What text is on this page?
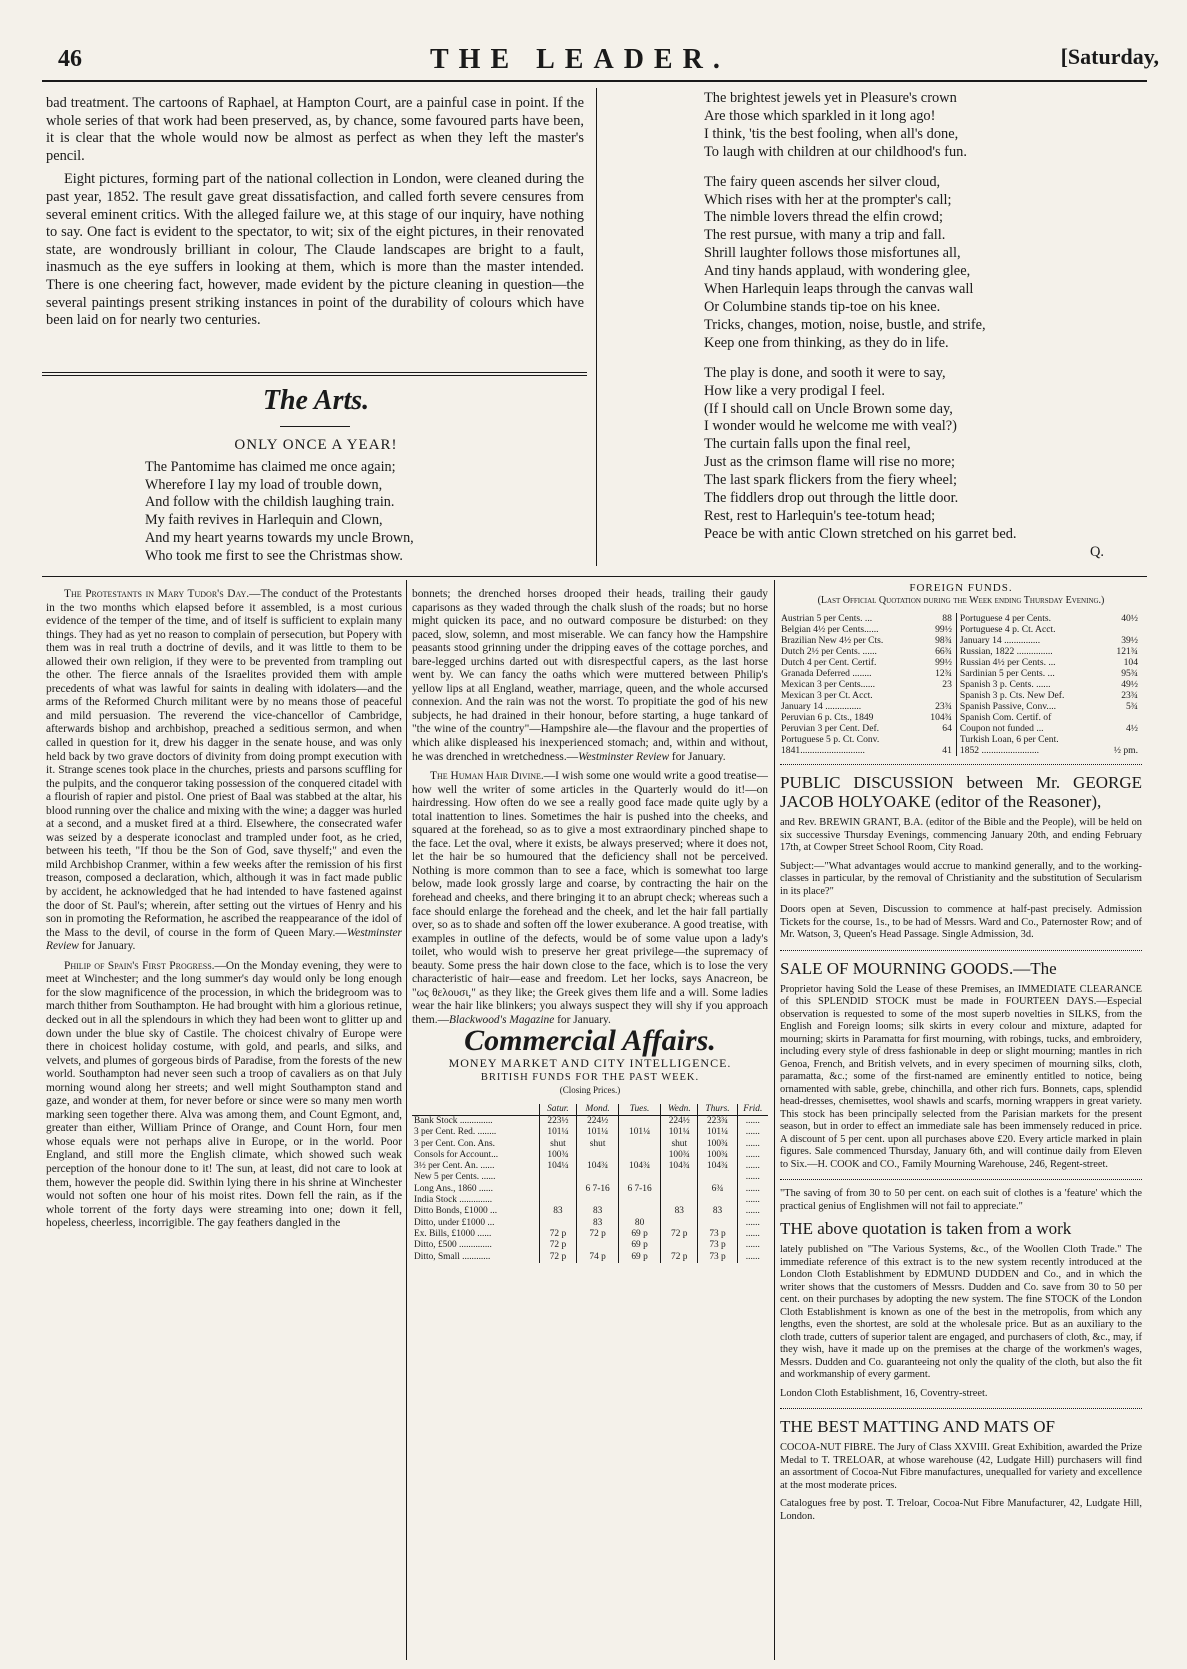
46	THE LEADER.	[Saturday,

bad treatment. The cartoons of Raphael, at Hampton Court, are a painful case in point. If the whole series of that work had been preserved, as, by chance, some favoured parts have been, it is clear that the whole would now be almost as perfect as when they left the master's pencil.

Eight pictures, forming part of the national collection in London, were cleaned during the past year, 1852. The result gave great dissatisfaction, and called forth severe censures from several eminent critics. With the alleged failure we, at this stage of our inquiry, have nothing to say. One fact is evident to the spectator, to wit; six of the eight pictures, in their renovated state, are wondrously brilliant in colour, The Claude landscapes are bright to a fault, inasmuch as the eye suffers in looking at them, which is more than the master intended. There is one cheering fact, however, made evident by the picture cleaning in question—the several paintings present striking instances in point of the durability of colours which have been laid on for nearly two centuries.

The Arts.
ONLY ONCE A YEAR!
The Pantomime has claimed me once again;
Wherefore I lay my load of trouble down,
And follow with the childish laughing train.
My faith revives in Harlequin and Clown,
And my heart yearns towards my uncle Brown,
Who took me first to see the Christmas show.
The brightest jewels yet in Pleasure's crown
Are those which sparkled in it long ago!
I think, 'tis the best fooling, when all's done,
To laugh with children at our childhood's fun.
The fairy queen ascends her silver cloud,
Which rises with her at the prompter's call;
The nimble lovers thread the elfin crowd;
The rest pursue, with many a trip and fall.
Shrill laughter follows those misfortunes all,
And tiny hands applaud, with wondering glee,
When Harlequin leaps through the canvas wall
Or Columbine stands tip-toe on his knee.
Tricks, changes, motion, noise, bustle, and strife,
Keep one from thinking, as they do in life.
The play is done, and sooth it were to say,
How like a very prodigal I feel.
(If I should call on Uncle Brown some day,
I wonder would he welcome me with veal?)
The curtain falls upon the final reel,
Just as the crimson flame will rise no more;
The last spark flickers from the fiery wheel;
The fiddlers drop out through the little door.
Rest, rest to Harlequin's tee-totum head;
Peace be with antic Clown stretched on his garret bed.
Q.

The Protestants in Mary Tudor's Day.—The conduct of the Protestants in the two months which elapsed before it assembled, is a most curious evidence of the temper of the time, and of itself is sufficient to explain many things. They had as yet no reason to complain of persecution, but Popery with them was in real truth a doctrine of devils, and it was little to them to be allowed their own religion, if they were to be prevented from trampling out the other. The fierce annals of the Israelites provided them with ample precedents of what was lawful for saints in dealing with idolaters—and the arms of the Reformed Church militant were by no means those of peaceful and mild persuasion. The reverend the vice-chancellor of Cambridge, afterwards bishop and archbishop, preached a seditious sermon, and when called in question for it, drew his dagger in the senate house, and was only held back by two grave doctors of divinity from doing prompt execution with it. Strange scenes took place in the churches, priests and parsons scuffling for the pulpits, and the conqueror taking possession of the conquered citadel with a flourish of rapier and pistol. One priest of Baal was stabbed at the altar, his blood running over the chalice and mixing with the wine; a dagger was hurled at a second, and a musket fired at a third. Elsewhere, the consecrated wafer was seized by a desperate iconoclast and trampled under foot, as he cried, between his teeth, "If thou be the Son of God, save thyself;" and even the mild Archbishop Cranmer, within a few weeks after the remission of his first treason, composed a declaration, which, although it was in fact made public by accident, he acknowledged that he had intended to have fastened against the door of St. Paul's; wherein, after setting out the virtues of Henry and his son in promoting the Reformation, he ascribed the reappearance of the idol of the Mass to the devil, of course in the form of Queen Mary.—Westminster Review for January.

Philip of Spain's First Progress.—On the Monday evening, they were to meet at Winchester; and the long summer's day would only be long enough for the slow magnificence of the procession, in which the bridegroom was to march thither from Southampton. He had brought with him a glorious retinue, decked out in all the splendours in which they had been wont to glitter up and down under the blue sky of Castile. The choicest chivalry of Europe were there in choicest holiday costume, with gold, and pearls, and silks, and velvets, and plumes of gorgeous birds of Paradise, from the forests of the new world. Southampton had never seen such a troop of cavaliers as on that July morning wound along her streets; and well might Southampton stand and gaze, and wonder at them, for never before or since were so many men worth marking seen together there. Alva was among them, and Count Egmont, and, greater than either, William Prince of Orange, and Count Horn, four men whose equals were not perhaps alive in Europe, or in the world. Poor England, and still more the English climate, which showed such weak perception of the honour done to it! The sun, at least, did not care to look at them, however the people did. Swithin lying there in his shrine at Winchester would not soften one hour of his moist rites. Down fell the rain, as if the whole torrent of the forty days were streaming into one; down it fell, hopeless, cheerless, incorrigible. The gay feathers dangled in the

bonnets; the drenched horses drooped their heads, trailing their gaudy caparisons as they waded through the chalk slush of the roads; but no horse might quicken its pace, and no outward composure be disturbed: on they paced, slow, solemn, and most miserable. We can fancy how the Hampshire peasants stood grinning under the dripping eaves of the cottage porches, and bare-legged urchins darted out with disrespectful capers, as the last horse went by. We can fancy the oaths which were muttered between Philip's yellow lips at all England, weather, marriage, queen, and the whole accursed connexion. And the rain was not the worst. To propitiate the god of his new subjects, he had drained in their honour, before starting, a huge tankard of "the wine of the country"—Hampshire ale—the flavour and the properties of which alike displeased his inexperienced stomach; and, within and without, he was drenched in wretchedness.—Westminster Review for January.

The Human Hair Divine.—I wish some one would write a good treatise—how well the writer of some articles in the Quarterly would do it!—on hairdressing. How often do we see a really good face made quite ugly by a total inattention to lines. Sometimes the hair is pushed into the cheeks, and squared at the forehead, so as to give a most extraordinary pinched shape to the face. Let the oval, where it exists, be always preserved; where it does not, let the hair be so humoured that the deficiency shall not be perceived. Nothing is more common than to see a face, which is somewhat too large below, made look grossly large and coarse, by contracting the hair on the forehead and cheeks, and there bringing it to an abrupt check; whereas such a face should enlarge the forehead and the cheek, and let the hair fall partially over, so as to shade and soften off the lower exuberance. A good treatise, with examples in outline of the defects, would be of some value upon a lady's toilet, who would wish to preserve her great privilege—the supremacy of beauty. Some press the hair down close to the face, which is to lose the very characteristic of hair—ease and freedom. Let her locks, says Anacreon, be "ως θελουσι," as they like; the Greek gives them life and a will. Some ladies wear the hair like blinkers; you always suspect they will shy if you approach them.—Blackwood's Magazine for January.

Commercial Affairs.
MONEY MARKET AND CITY INTELLIGENCE.
BRITISH FUNDS FOR THE PAST WEEK.
(Closing Prices.)
	Satur.	Mond.	Tues.	Wedn.	Thurs.	Frid.
Bank Stock ..............	223½	224½		224½	223¾	......
3 per Cent. Red. ........	101¼	101¼	101¼	101¼	101¼	......
3 per Cent. Con. Ans.	shut	shut		shut	100¾	......
Consols for Account...	100¾			100¾	100¾	......
3½ per Cent. An. ......	104¼	104¾	104¾	104¾	104¾	......
New 5 per Cents. ......						......
Long Ans., 1860 ......		6 7-16	6 7-16		6¾	......
India Stock ..............						......
Ditto Bonds, £1000 ...	83	83		83	83	......
Ditto, under £1000 ...		83	80			......
Ex. Bills, £1000 ......	72 p	72 p	69 p	72 p	73 p	......
Ditto, £500 ..............	72 p		69 p		73 p	......
Ditto, Small ............	72 p	74 p	69 p	72 p	73 p	......
FOREIGN FUNDS.
(Last Official Quotation during the Week ending Thursday Evening.)
Austrian 5 per Cents. ...	88	Portuguese 4 per Cents.	40½
Belgian 4½ per Cents......	99½	Portuguese 4 p. Ct. Acct.	
Brazilian New 4½ per Cts.	98¾	January 14 ...............	39½
Dutch 2½ per Cents. ......	66¾	Russian, 1822 ...............	121¾
Dutch 4 per Cent. Certif.	99½	Russian 4½ per Cents. ...	104
Granada Deferred ........	12¾	Sardinian 5 per Cents. ...	95¾
Mexican 3 per Cents......	23	Spanish 3 p. Cents. ......	49½
Mexican 3 per Ct. Acct.		Spanish 3 p. Cts. New Def.	23¾
January 14 ...............	23¾	Spanish Passive, Conv....	5¾
Peruvian 6 p. Cts., 1849	104¾	Spanish Com. Certif. of	
Peruvian 3 per Cent. Def.	64	Coupon not funded ...	4½
Portuguese 5 p. Ct. Conv.		Turkish Loan, 6 per Cent.	
1841...........................	41	1852 ........................	½ pm.

PUBLIC DISCUSSION between Mr. GEORGE JACOB HOLYOAKE (editor of the Reasoner),

and Rev. BREWIN GRANT, B.A. (editor of the Bible and the People), will be held on six successive Thursday Evenings, commencing January 20th, and ending February 17th, at Cowper Street School Room, City Road.

Subject:—"What advantages would accrue to mankind generally, and to the working-classes in particular, by the removal of Christianity and the substitution of Secularism in its place?"

Doors open at Seven, Discussion to commence at half-past precisely. Admission Tickets for the course, 1s., to be had of Messrs. Ward and Co., Paternoster Row; and of Mr. Watson, 3, Queen's Head Passage. Single Admission, 3d.

SALE OF MOURNING GOODS.—The

Proprietor having Sold the Lease of these Premises, an IMMEDIATE CLEARANCE of this SPLENDID STOCK must be made in FOURTEEN DAYS.—Especial observation is requested to some of the most superb novelties in SILKS, from the English and Foreign looms; silk skirts in every colour and mixture, adapted for mourning; skirts in Paramatta for first mourning, with robings, tucks, and embroidery, including every style of dress fashionable in deep or slight mourning; mantles in rich Genoa, French, and British velvets, and in every specimen of mourning silks, cloth, paramatta, &c.; some of the first-named are eminently entitled to notice, being ornamented with sable, grebe, chinchilla, and other rich furs. Bonnets, caps, splendid head-dresses, chemisettes, wool shawls and scarfs, morning wrappers in great variety. This stock has been principally selected from the Parisian markets for the present season, but in order to effect an immediate sale has been immensely reduced in price. A discount of 5 per cent. upon all purchases above £20. Every article marked in plain figures. Sale commenced Thursday, January 6th, and will continue daily from Eleven to Six.—H. COOK and CO., Family Mourning Warehouse, 246, Regent-street.

"The saving of from 30 to 50 per cent. on each suit of clothes is a 'feature' which the practical genius of Englishmen will not fail to appreciate."

THE above quotation is taken from a work

lately published on "The Various Systems, &c., of the Woollen Cloth Trade." The immediate reference of this extract is to the new system recently introduced at the London Cloth Establishment by EDMUND DUDDEN and Co., and in which the writer shows that the customers of Messrs. Dudden and Co. save from 30 to 50 per cent. on their purchases by adopting the new system. The fine STOCK of the London Cloth Establishment is known as one of the best in the metropolis, from which any lengths, even the shortest, are sold at the wholesale price. But as an auxiliary to the cloth trade, cutters of superior talent are engaged, and purchasers of cloth, &c., may, if they wish, have it made up on the premises at the charge of the workmen's wages, Messrs. Dudden and Co. guaranteeing not only the quality of the cloth, but also the fit and workmanship of every garment.

London Cloth Establishment, 16, Coventry-street.

THE BEST MATTING AND MATS OF

COCOA-NUT FIBRE. The Jury of Class XXVIII. Great Exhibition, awarded the Prize Medal to T. TRELOAR, at whose warehouse (42, Ludgate Hill) purchasers will find an assortment of Cocoa-Nut Fibre manufactures, unequalled for variety and excellence at the most moderate prices.

Catalogues free by post. T. Treloar, Cocoa-Nut Fibre Manufacturer, 42, Ludgate Hill, London.
